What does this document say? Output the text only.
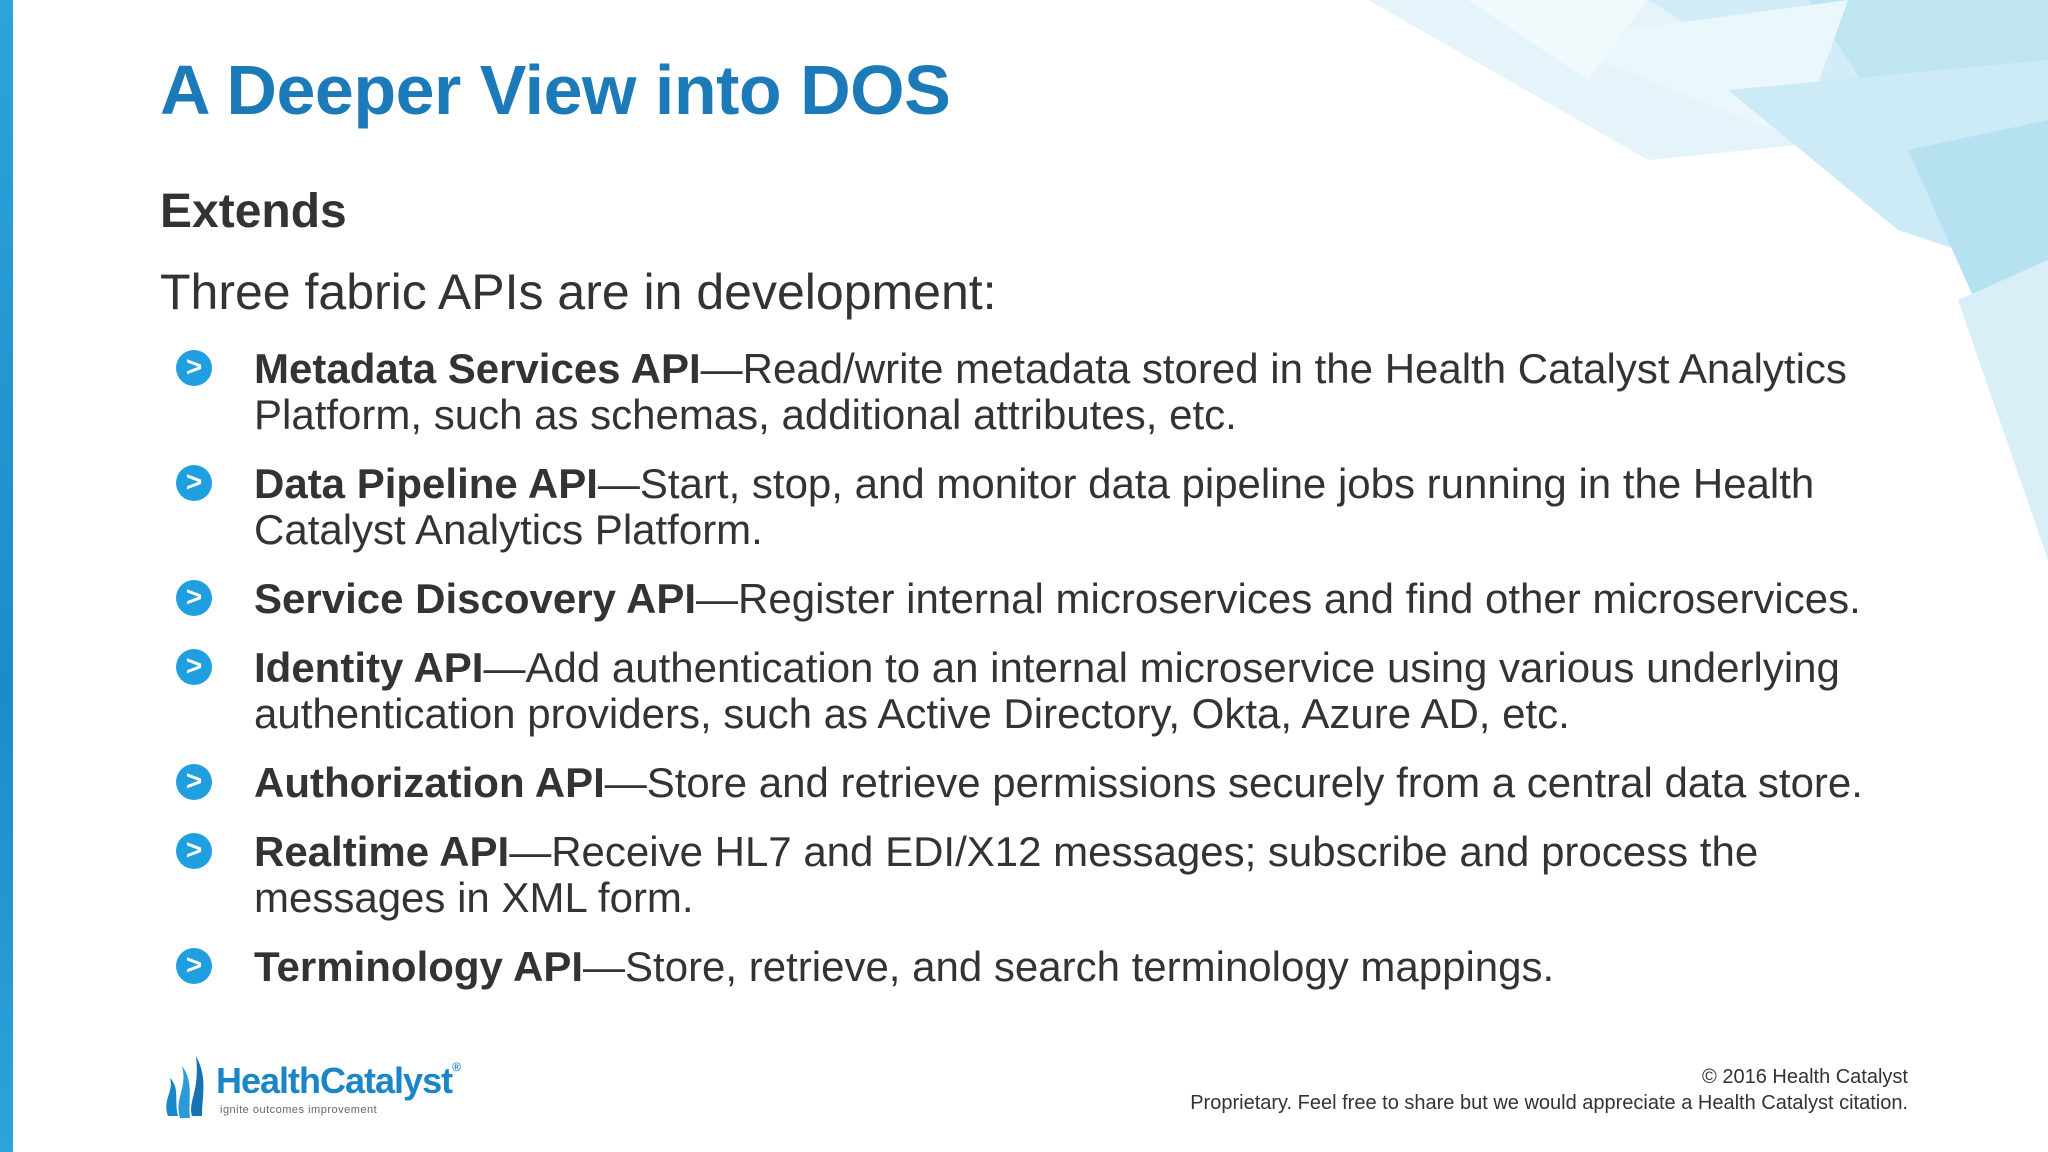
A Deeper View into DOS
Extends

Three fabric APIs are in development:

> Metadata Services API—Read/write metadata stored in the Health Catalyst Analytics Platform, such as schemas, additional attributes, etc.
> Data Pipeline API—Start, stop, and monitor data pipeline jobs running in the Health Catalyst Analytics Platform.
> Service Discovery API—Register internal microservices and find other microservices.
> Identity API—Add authentication to an internal microservice using various underlying authentication providers, such as Active Directory, Okta, Azure AD, etc.
> Authorization API—Store and retrieve permissions securely from a central data store.
> Realtime API—Receive HL7 and EDI/X12 messages; subscribe and process the messages in XML form.
> Terminology API—Store, retrieve, and search terminology mappings.
HealthCatalyst®
ignite outcomes improvement
© 2016 Health Catalyst
Proprietary. Feel free to share but we would appreciate a Health Catalyst citation.
